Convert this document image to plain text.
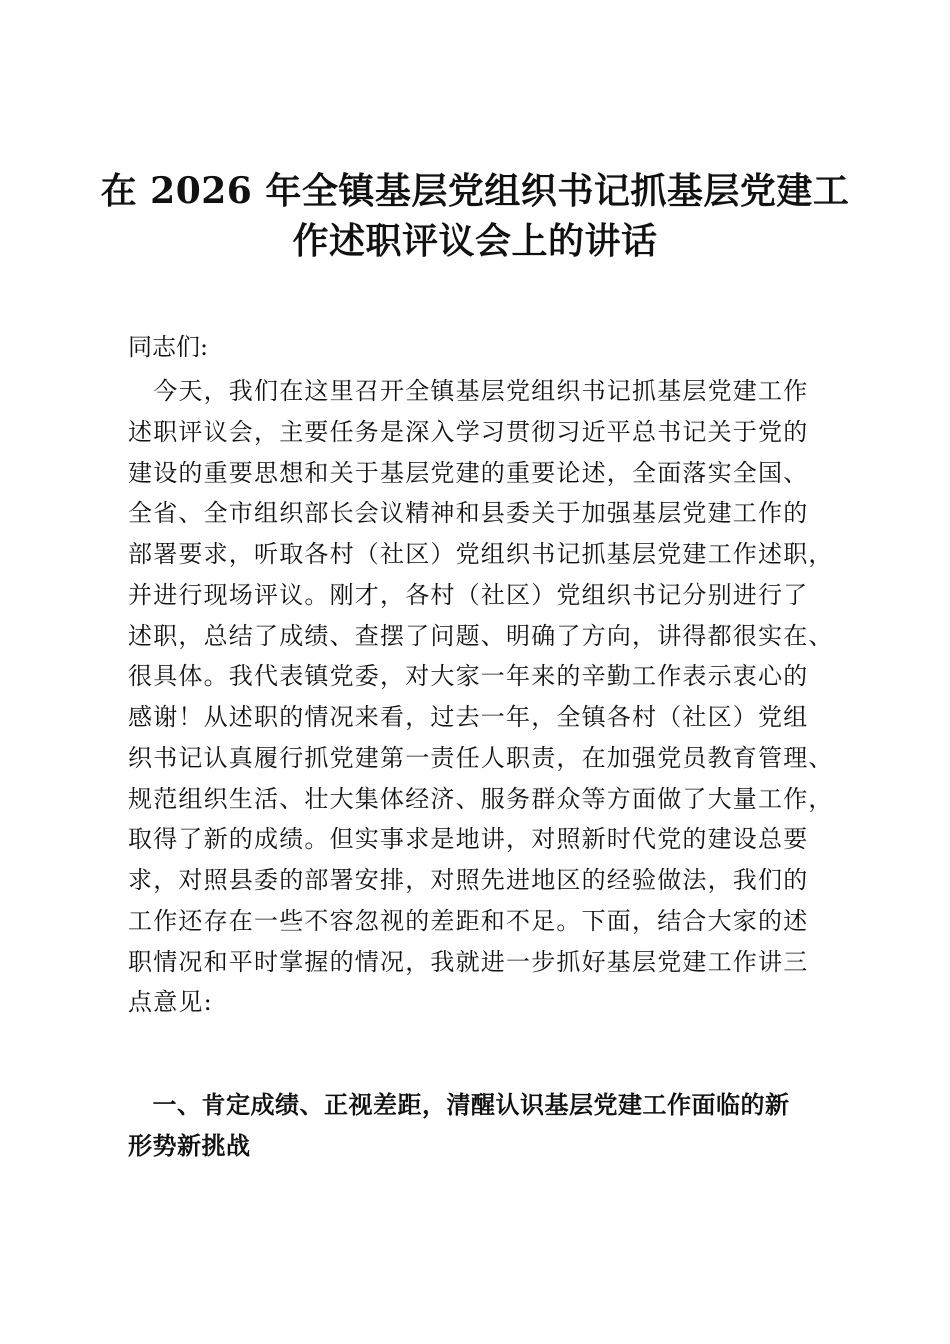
在 2026 年全镇基层党组织书记抓基层党建工
作述职评议会上的讲话

同志们:

　今天，我们在这里召开全镇基层党组织书记抓基层党建工作
述职评议会，主要任务是深入学习贯彻习近平总书记关于党的
建设的重要思想和关于基层党建的重要论述，全面落实全国、
全省、全市组织部长会议精神和县委关于加强基层党建工作的
部署要求，听取各村（社区）党组织书记抓基层党建工作述职，
并进行现场评议。刚才，各村（社区）党组织书记分别进行了
述职，总结了成绩、查摆了问题、明确了方向，讲得都很实在、
很具体。我代表镇党委，对大家一年来的辛勤工作表示衷心的
感谢！从述职的情况来看，过去一年，全镇各村（社区）党组
织书记认真履行抓党建第一责任人职责，在加强党员教育管理、
规范组织生活、壮大集体经济、服务群众等方面做了大量工作，
取得了新的成绩。但实事求是地讲，对照新时代党的建设总要
求，对照县委的部署安排，对照先进地区的经验做法，我们的
工作还存在一些不容忽视的差距和不足。下面，结合大家的述
职情况和平时掌握的情况，我就进一步抓好基层党建工作讲三
点意见:
　一、肯定成绩、正视差距，清醒认识基层党建工作面临的新
形势新挑战
